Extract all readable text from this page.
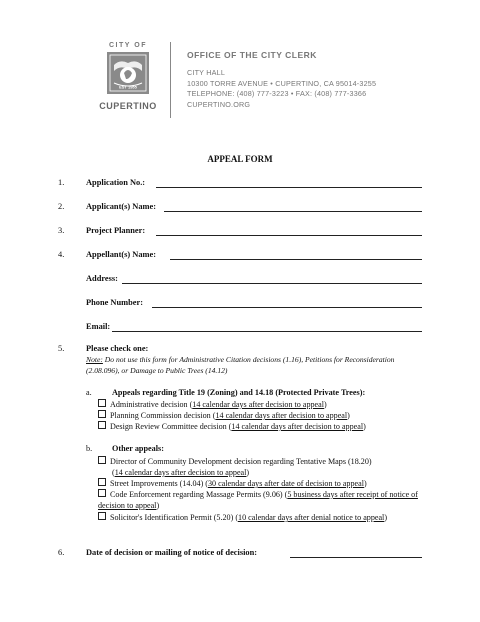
CITY OF
EST 1955
CUPERTINO
OFFICE OF THE CITY CLERK
CITY HALL
10300 TORRE AVENUE • CUPERTINO, CA 95014-3255
TELEPHONE: (408) 777-3223 • FAX: (408) 777-3366
CUPERTINO.ORG
APPEAL FORM
1.	Application No.:
2.	Applicant(s) Name:
3.	Project Planner:
4.	Appellant(s) Name:
Address:
Phone Number:
Email:
5.	Please check one:
Note: Do not use this form for Administrative Citation decisions (1.16), Petitions for Reconsideration (2.08.096), or Damage to Public Trees (14.12)
a. Appeals regarding Title 19 (Zoning) and 14.18 (Protected Private Trees):
Administrative decision (14 calendar days after decision to appeal)
Planning Commission decision (14 calendar days after decision to appeal)
Design Review Committee decision (14 calendar days after decision to appeal)
b. Other appeals:
Director of Community Development decision regarding Tentative Maps (18.20)
(14 calendar days after decision to appeal)
Street Improvements (14.04) (30 calendar days after date of decision to appeal)
Code Enforcement regarding Massage Permits (9.06) (5 business days after receipt of notice of decision to appeal)
Solicitor's Identification Permit (5.20) (10 calendar days after denial notice to appeal)
6.	Date of decision or mailing of notice of decision:
